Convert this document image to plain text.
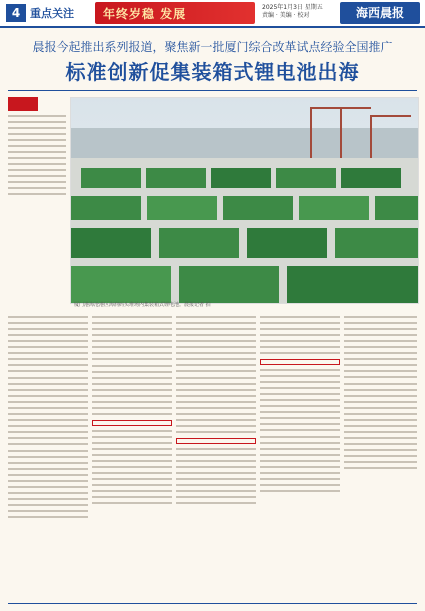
4 重点关注 年终岁稳 发展	2025年1月3日 星期五
责编 · 美编 · 校对	海西晨报
晨报今起推出系列报道，聚焦新一批厦门综合改革试点经验全国推广
标准创新促集装箱式锂电池出海
厦门港海沧港区海润码头堆场内集装箱式锂电池。晨报记者 拍
